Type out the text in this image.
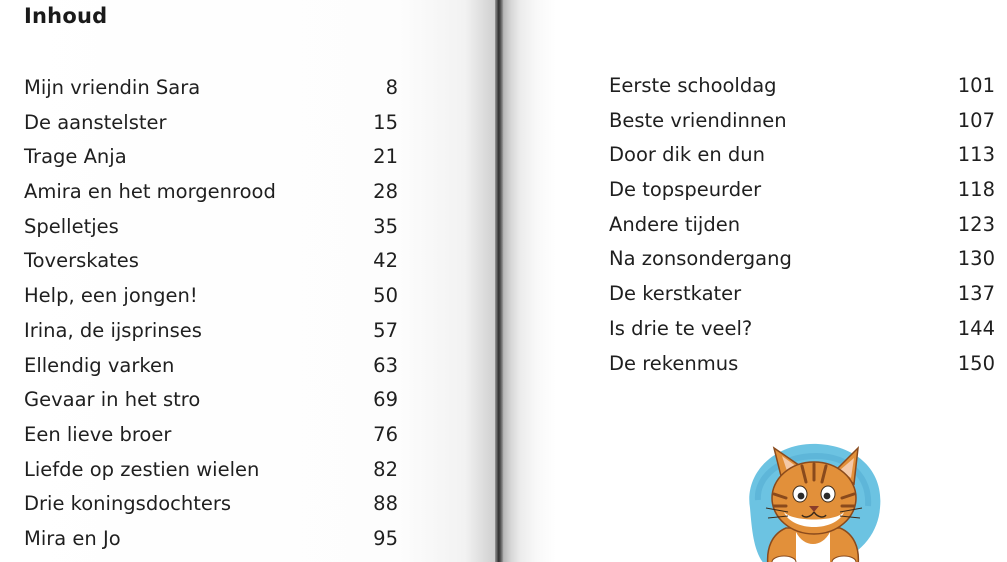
Inhoud
Mijn vriendin Sara	8
De aanstelster	15
Trage Anja	21
Amira en het morgenrood	28
Spelletjes	35
Toverskates	42
Help, een jongen!	50
Irina, de ijsprinses	57
Ellendig varken	63
Gevaar in het stro	69
Een lieve broer	76
Liefde op zestien wielen	82
Drie koningsdochters	88
Mira en Jo	95
Eerste schooldag	101
Beste vriendinnen	107
Door dik en dun	113
De topspeurder	118
Andere tijden	123
Na zonsondergang	130
De kerstkater	137
Is drie te veel?	144
De rekenmus	150
